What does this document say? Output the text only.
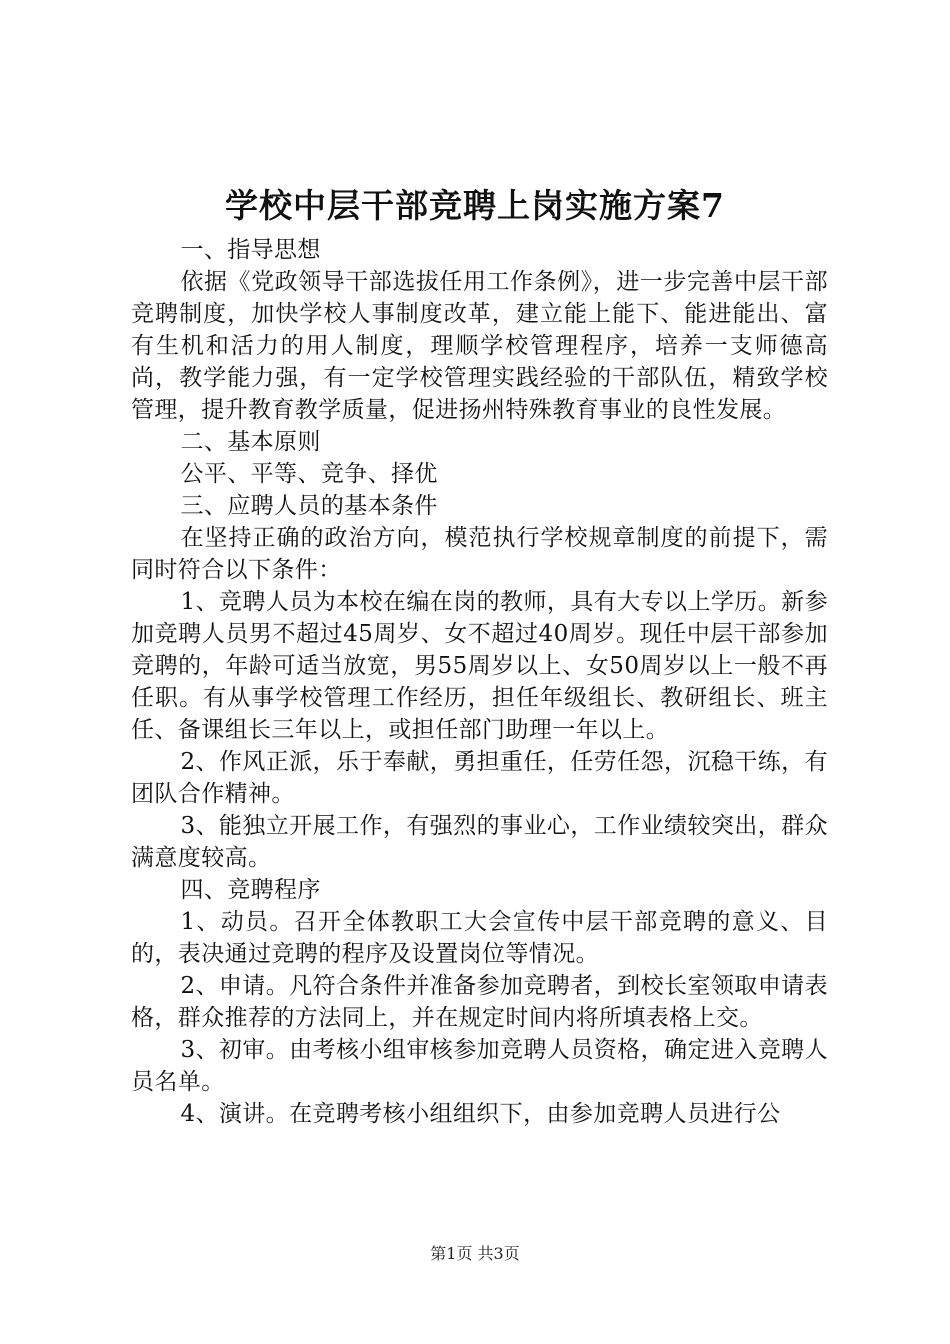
学校中层干部竞聘上岗实施方案7

一、指导思想

依据《党政领导干部选拔任用工作条例》，进一步完善中层干部竞聘制度，加快学校人事制度改革，建立能上能下、能进能出、富有生机和活力的用人制度，理顺学校管理程序，培养一支师德高尚，教学能力强，有一定学校管理实践经验的干部队伍，精致学校管理，提升教育教学质量，促进扬州特殊教育事业的良性发展。

二、基本原则

公平、平等、竞争、择优

三、应聘人员的基本条件

在坚持正确的政治方向，模范执行学校规章制度的前提下，需同时符合以下条件：

1、竞聘人员为本校在编在岗的教师，具有大专以上学历。新参加竞聘人员男不超过45周岁、女不超过40周岁。现任中层干部参加竞聘的，年龄可适当放宽，男55周岁以上、女50周岁以上一般不再任职。有从事学校管理工作经历，担任年级组长、教研组长、班主任、备课组长三年以上，或担任部门助理一年以上。

2、作风正派，乐于奉献，勇担重任，任劳任怨，沉稳干练，有团队合作精神。

3、能独立开展工作，有强烈的事业心，工作业绩较突出，群众满意度较高。

四、竞聘程序

1、动员。召开全体教职工大会宣传中层干部竞聘的意义、目的，表决通过竞聘的程序及设置岗位等情况。

2、申请。凡符合条件并准备参加竞聘者，到校长室领取申请表格，群众推荐的方法同上，并在规定时间内将所填表格上交。

3、初审。由考核小组审核参加竞聘人员资格，确定进入竞聘人员名单。

4、演讲。在竞聘考核小组组织下，由参加竞聘人员进行公

第1页 共3页
